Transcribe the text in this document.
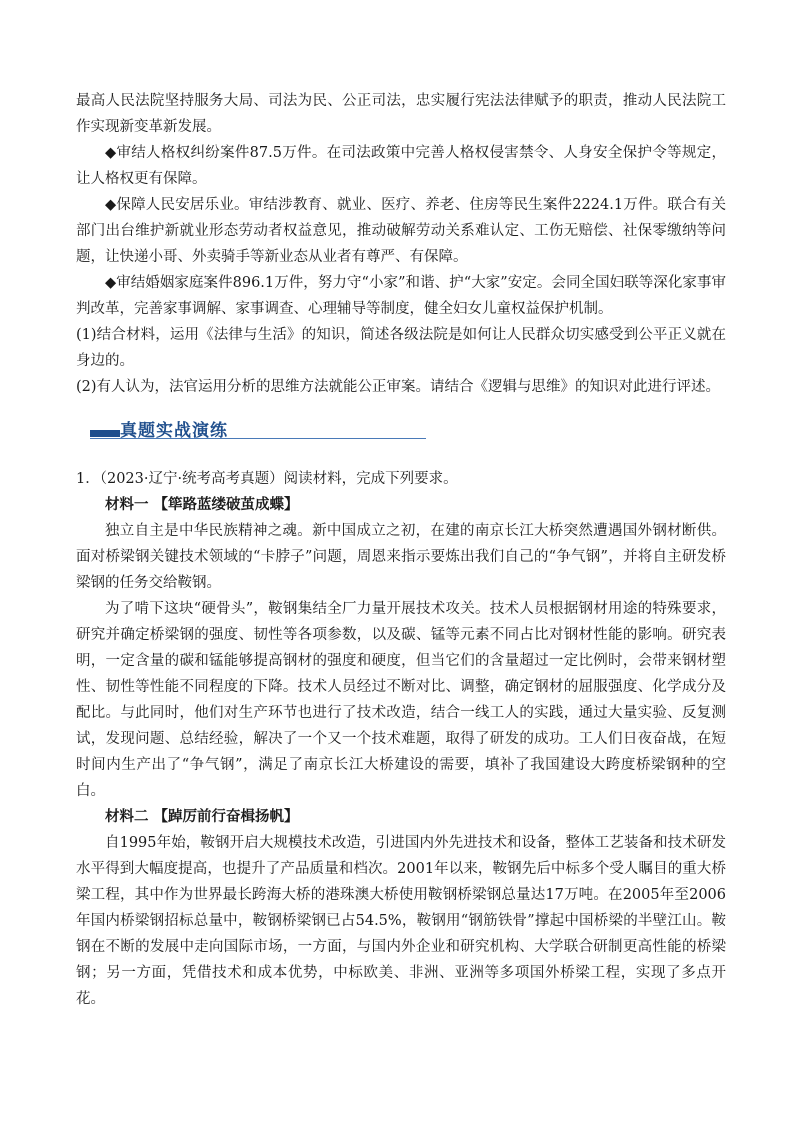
最高人民法院坚持服务大局、司法为民、公正司法，忠实履行宪法法律赋予的职责，推动人民法院工作实现新变革新发展。

◆审结人格权纠纷案件87.5万件。在司法政策中完善人格权侵害禁令、人身安全保护令等规定，让人格权更有保障。

◆保障人民安居乐业。审结涉教育、就业、医疗、养老、住房等民生案件2224.1万件。联合有关部门出台维护新就业形态劳动者权益意见，推动破解劳动关系难认定、工伤无赔偿、社保零缴纳等问题，让快递小哥、外卖骑手等新业态从业者有尊严、有保障。

◆审结婚姻家庭案件896.1万件，努力守“小家”和谐、护“大家”安定。会同全国妇联等深化家事审判改革，完善家事调解、家事调查、心理辅导等制度，健全妇女儿童权益保护机制。

(1)结合材料，运用《法律与生活》的知识，简述各级法院是如何让人民群众切实感受到公平正义就在身边的。

(2)有人认为，法官运用分析的思维方法就能公正审案。请结合《逻辑与思维》的知识对此进行评述。

真题实战演练

1．（2023·辽宁·统考高考真题）阅读材料，完成下列要求。

材料一 【筚路蓝缕破茧成蝶】

独立自主是中华民族精神之魂。新中国成立之初，在建的南京长江大桥突然遭遇国外钢材断供。面对桥梁钢关键技术领域的“卡脖子”问题，周恩来指示要炼出我们自己的“争气钢”，并将自主研发桥梁钢的任务交给鞍钢。

为了啃下这块“硬骨头”，鞍钢集结全厂力量开展技术攻关。技术人员根据钢材用途的特殊要求，研究并确定桥梁钢的强度、韧性等各项参数，以及碳、锰等元素不同占比对钢材性能的影响。研究表明，一定含量的碳和锰能够提高钢材的强度和硬度，但当它们的含量超过一定比例时，会带来钢材塑性、韧性等性能不同程度的下降。技术人员经过不断对比、调整，确定钢材的屈服强度、化学成分及配比。与此同时，他们对生产环节也进行了技术改造，结合一线工人的实践，通过大量实验、反复测试，发现问题、总结经验，解决了一个又一个技术难题，取得了研发的成功。工人们日夜奋战，在短时间内生产出了“争气钢”，满足了南京长江大桥建设的需要，填补了我国建设大跨度桥梁钢种的空白。

材料二 【踔厉前行奋楫扬帆】

自1995年始，鞍钢开启大规模技术改造，引进国内外先进技术和设备，整体工艺装备和技术研发水平得到大幅度提高，也提升了产品质量和档次。2001年以来，鞍钢先后中标多个受人瞩目的重大桥梁工程，其中作为世界最长跨海大桥的港珠澳大桥使用鞍钢桥梁钢总量达17万吨。在2005年至2006年国内桥梁钢招标总量中，鞍钢桥梁钢已占54.5%，鞍钢用“钢筋铁骨”撑起中国桥梁的半壁江山。鞍钢在不断的发展中走向国际市场，一方面，与国内外企业和研究机构、大学联合研制更高性能的桥梁钢；另一方面，凭借技术和成本优势，中标欧美、非洲、亚洲等多项国外桥梁工程，实现了多点开花。
